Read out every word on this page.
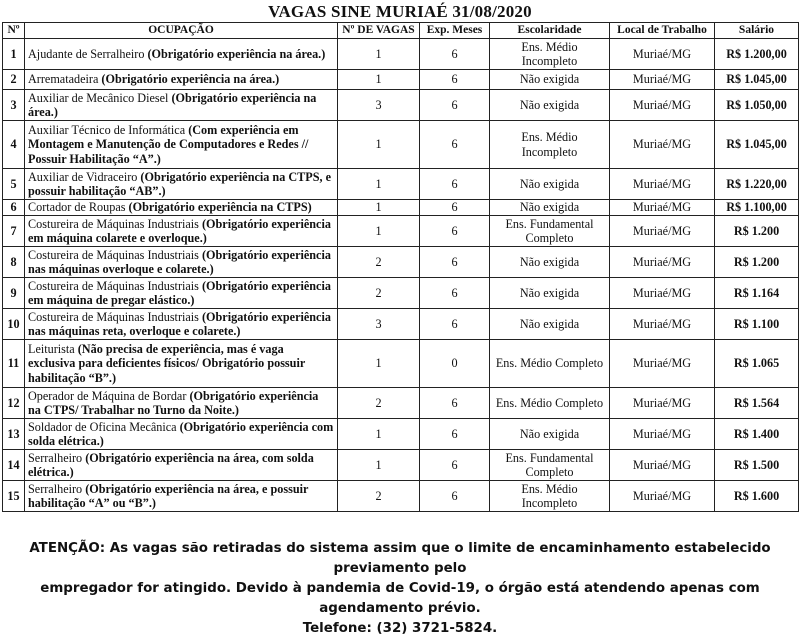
VAGAS SINE MURIAÉ 31/08/2020
Nº	OCUPAÇÃO	Nº DE VAGAS	Exp. Meses	Escolaridade	Local de Trabalho	Salário
1	Ajudante de Serralheiro (Obrigatório experiência na área.)	1	6	Ens. Médio Incompleto	Muriaé/MG	R$ 1.200,00
2	Arrematadeira (Obrigatório experiência na área.)	1	6	Não exigida	Muriaé/MG	R$ 1.045,00
3	Auxiliar de Mecânico Diesel (Obrigatório experiência na área.)	3	6	Não exigida	Muriaé/MG	R$ 1.050,00
4	Auxiliar Técnico de Informática (Com experiência em Montagem e Manutenção de Computadores e Redes // Possuir Habilitação “A”.)	1	6	Ens. Médio Incompleto	Muriaé/MG	R$ 1.045,00
5	Auxiliar de Vidraceiro (Obrigatório experiência na CTPS, e possuir habilitação “AB”.)	1	6	Não exigida	Muriaé/MG	R$ 1.220,00
6	Cortador de Roupas (Obrigatório experiência na CTPS)	1	6	Não exigida	Muriaé/MG	R$ 1.100,00
7	Costureira de Máquinas Industriais (Obrigatório experiência em máquina colarete e overloque.)	1	6	Ens. Fundamental Completo	Muriaé/MG	R$ 1.200
8	Costureira de Máquinas Industriais (Obrigatório experiência nas máquinas overloque e colarete.)	2	6	Não exigida	Muriaé/MG	R$ 1.200
9	Costureira de Máquinas Industriais (Obrigatório experiência em máquina de pregar elástico.)	2	6	Não exigida	Muriaé/MG	R$ 1.164
10	Costureira de Máquinas Industriais (Obrigatório experiência nas máquinas reta, overloque e colarete.)	3	6	Não exigida	Muriaé/MG	R$ 1.100
11	Leiturista (Não precisa de experiência, mas é vaga exclusiva para deficientes físicos/ Obrigatório possuir habilitação “B”.)	1	0	Ens. Médio Completo	Muriaé/MG	R$ 1.065
12	Operador de Máquina de Bordar (Obrigatório experiência na CTPS/ Trabalhar no Turno da Noite.)	2	6	Ens. Médio Completo	Muriaé/MG	R$ 1.564
13	Soldador de Oficina Mecânica (Obrigatório experiência com solda elétrica.)	1	6	Não exigida	Muriaé/MG	R$ 1.400
14	Serralheiro (Obrigatório experiência na área, com solda elétrica.)	1	6	Ens. Fundamental Completo	Muriaé/MG	R$ 1.500
15	Serralheiro (Obrigatório experiência na área, e possuir habilitação “A” ou “B”.)	2	6	Ens. Médio Incompleto	Muriaé/MG	R$ 1.600
ATENÇÃO: As vagas são retiradas do sistema assim que o limite de encaminhamento estabelecido previamento pelo
empregador for atingido. Devido à pandemia de Covid-19, o órgão está atendendo apenas com agendamento prévio.
Telefone: (32) 3721-5824.
